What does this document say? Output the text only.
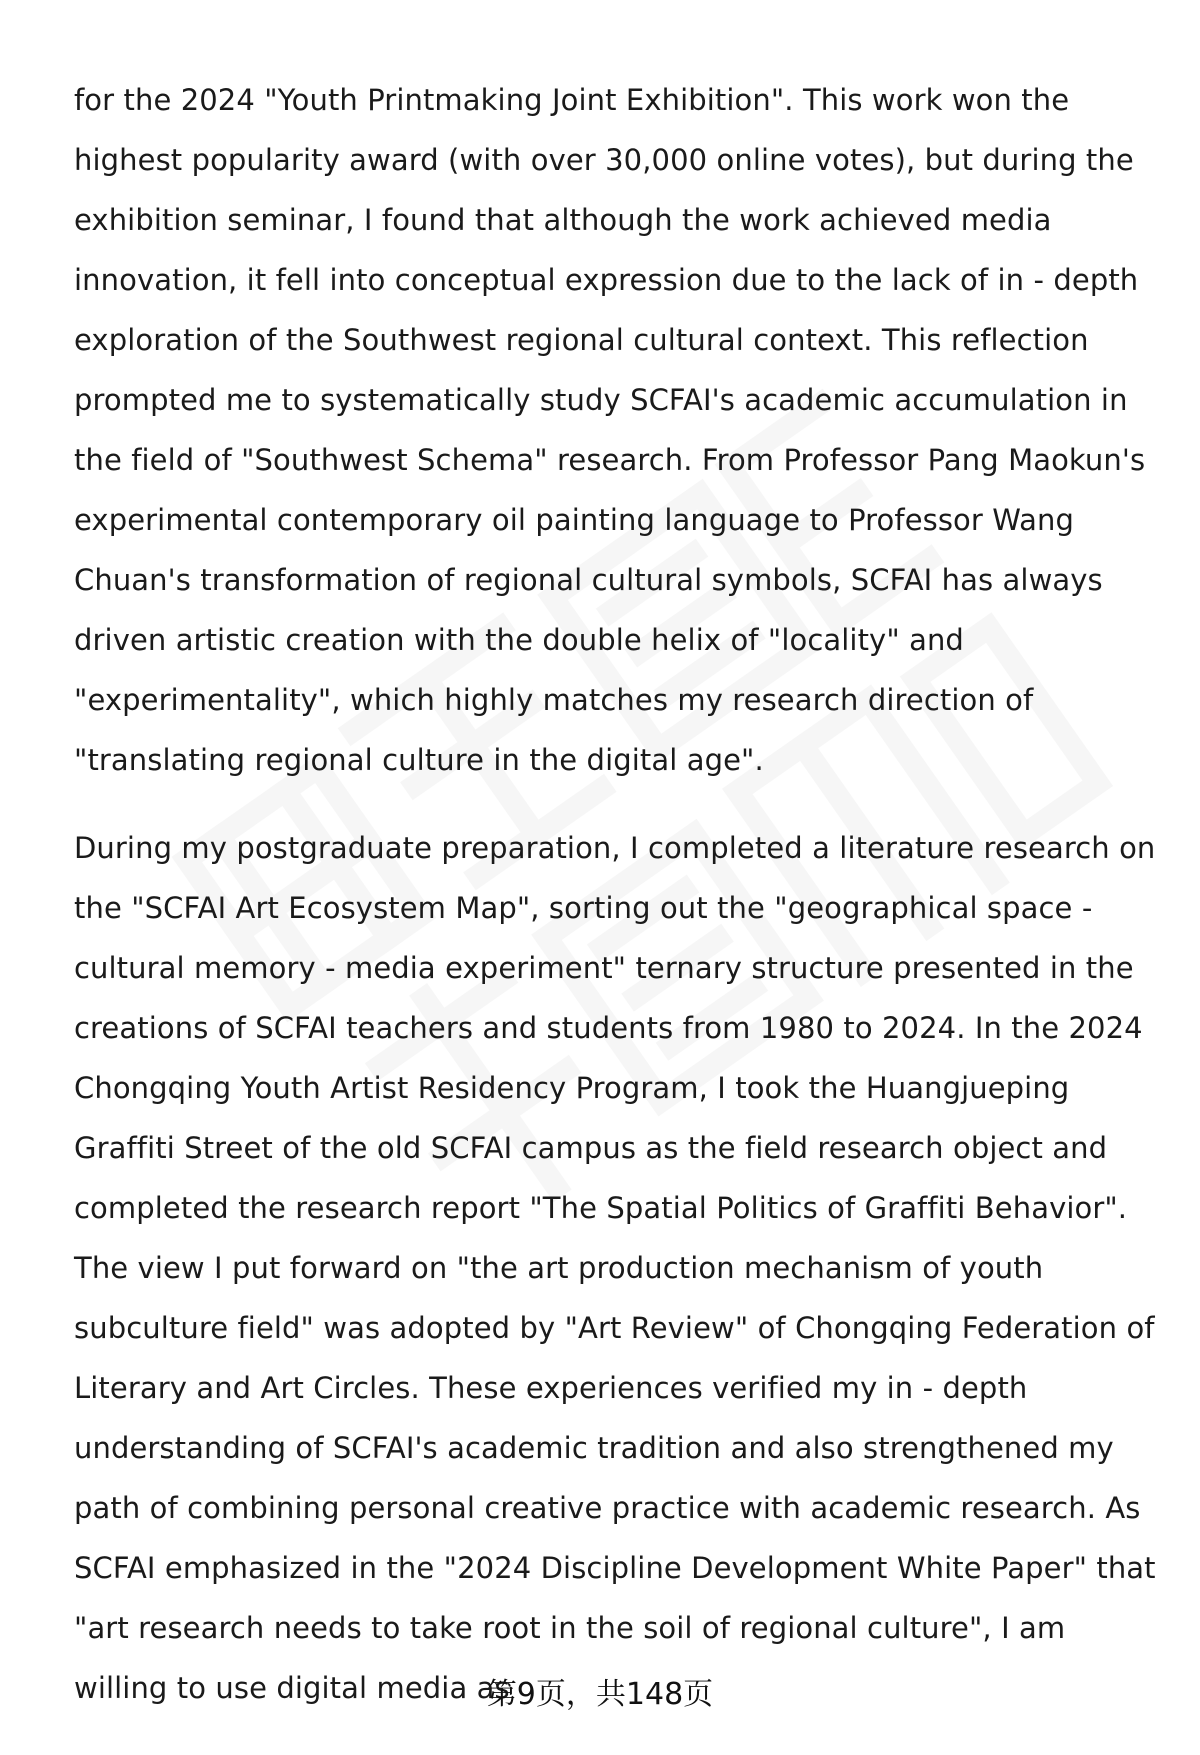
for the 2024 "Youth Printmaking Joint Exhibition". This work won the highest popularity award (with over 30,000 online votes), but during the exhibition seminar, I found that although the work achieved media innovation, it fell into conceptual expression due to the lack of in - depth exploration of the Southwest regional cultural context. This reflection prompted me to systematically study SCFAI's academic accumulation in the field of "Southwest Schema" research. From Professor Pang Maokun's experimental contemporary oil painting language to Professor Wang Chuan's transformation of regional cultural symbols, SCFAI has always driven artistic creation with the double helix of "locality" and "experimentality", which highly matches my research direction of "translating regional culture in the digital age".

During my postgraduate preparation, I completed a literature research on the "SCFAI Art Ecosystem Map", sorting out the "geographical space - cultural memory - media experiment" ternary structure presented in the creations of SCFAI teachers and students from 1980 to 2024. In the 2024 Chongqing Youth Artist Residency Program, I took the Huangjueping Graffiti Street of the old SCFAI campus as the field research object and completed the research report "The Spatial Politics of Graffiti Behavior". The view I put forward on "the art production mechanism of youth subculture field" was adopted by "Art Review" of Chongqing Federation of Literary and Art Circles. These experiences verified my in - depth understanding of SCFAI's academic tradition and also strengthened my path of combining personal creative practice with academic research. As SCFAI emphasized in the "2024 Discipline Development White Paper" that "art research needs to take root in the soil of regional culture", I am willing to use digital media as

第9页，共148页
